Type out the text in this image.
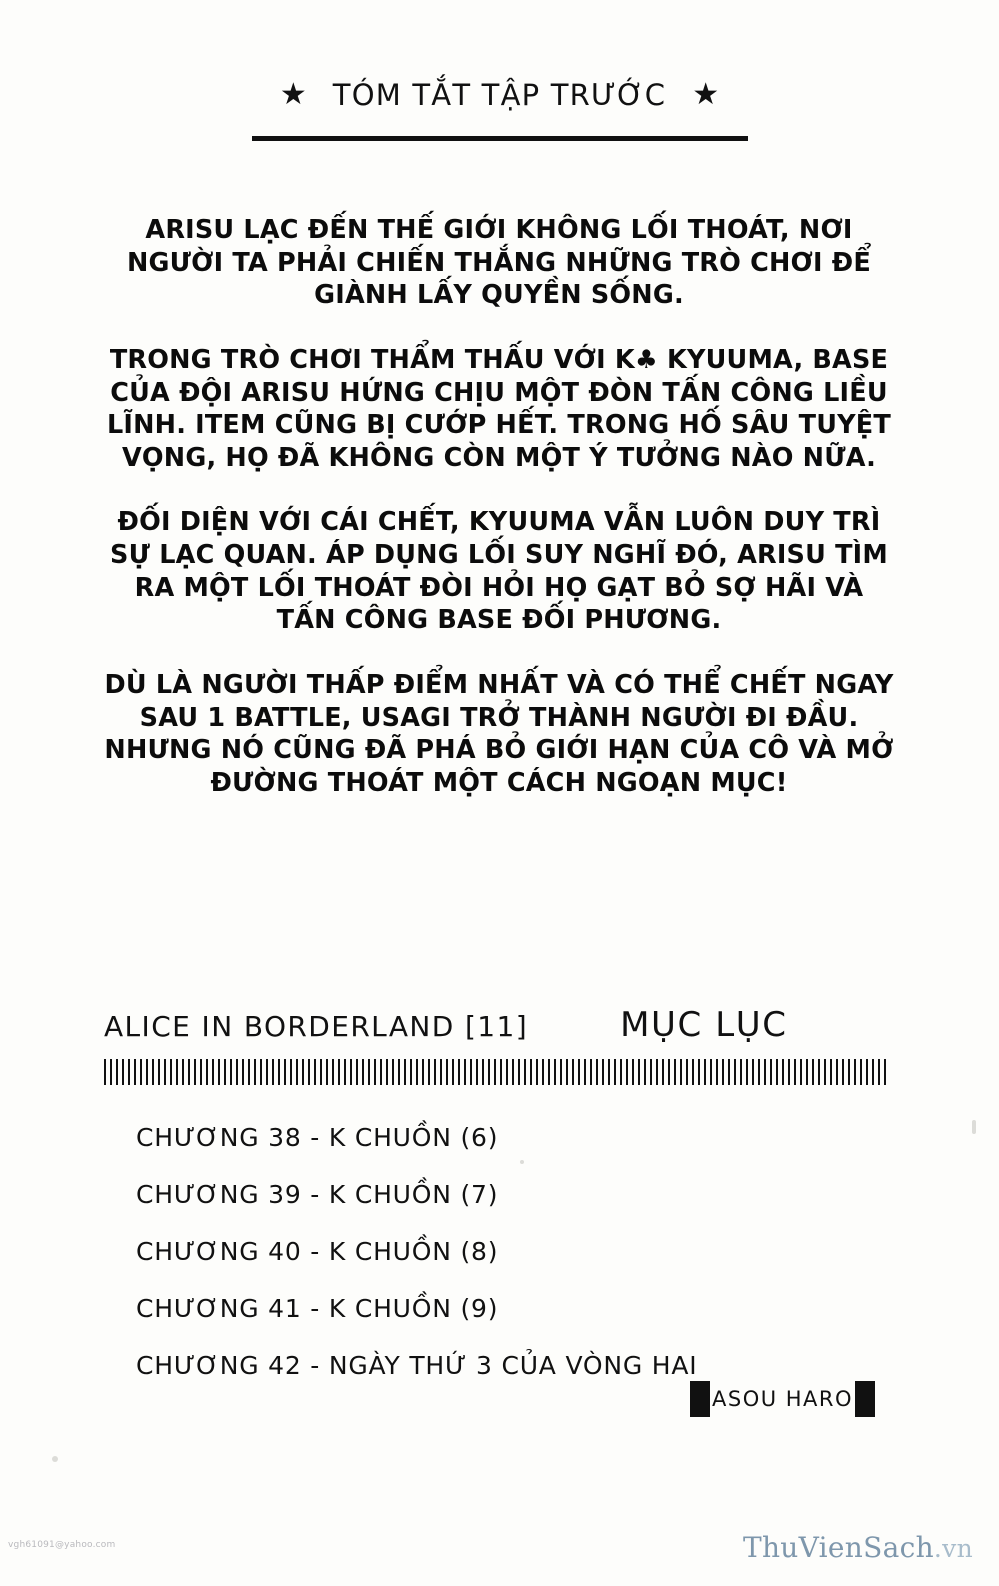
★ TÓM TẮT TẬP TRƯỚC ★

ARISU LẠC ĐẾN THẾ GIỚI KHÔNG LỐI THOÁT, NƠI NGƯỜI TA PHẢI CHIẾN THẮNG NHỮNG TRÒ CHƠI ĐỂ GIÀNH LẤY QUYỀN SỐNG.

TRONG TRÒ CHƠI THẨM THẤU VỚI K♣ KYUUMA, BASE CỦA ĐỘI ARISU HỨNG CHỊU MỘT ĐÒN TẤN CÔNG LIỀU LĨNH. ITEM CŨNG BỊ CƯỚP HẾT. TRONG HỐ SÂU TUYỆT VỌNG, HỌ ĐÃ KHÔNG CÒN MỘT Ý TƯỞNG NÀO NỮA.

ĐỐI DIỆN VỚI CÁI CHẾT, KYUUMA VẪN LUÔN DUY TRÌ SỰ LẠC QUAN. ÁP DỤNG LỐI SUY NGHĨ ĐÓ, ARISU TÌM RA MỘT LỐI THOÁT ĐÒI HỎI HỌ GẠT BỎ SỢ HÃI VÀ TẤN CÔNG BASE ĐỐI PHƯƠNG.

DÙ LÀ NGƯỜI THẤP ĐIỂM NHẤT VÀ CÓ THỂ CHẾT NGAY SAU 1 BATTLE, USAGI TRỞ THÀNH NGƯỜI ĐI ĐẦU. NHƯNG NÓ CŨNG ĐÃ PHÁ BỎ GIỚI HẠN CỦA CÔ VÀ MỞ ĐƯỜNG THOÁT MỘT CÁCH NGOẠN MỤC!

ALICE IN BORDERLAND [11]	MỤC LỤC
CHƯƠNG 38 - K CHUỒN (6)
CHƯƠNG 39 - K CHUỒN (7)
CHƯƠNG 40 - K CHUỒN (8)
CHƯƠNG 41 - K CHUỒN (9)
CHƯƠNG 42 - NGÀY THỨ 3 CỦA VÒNG HAI
ASOU HARO
vgh61091@yahoo.com	ThuVienSach.vn
